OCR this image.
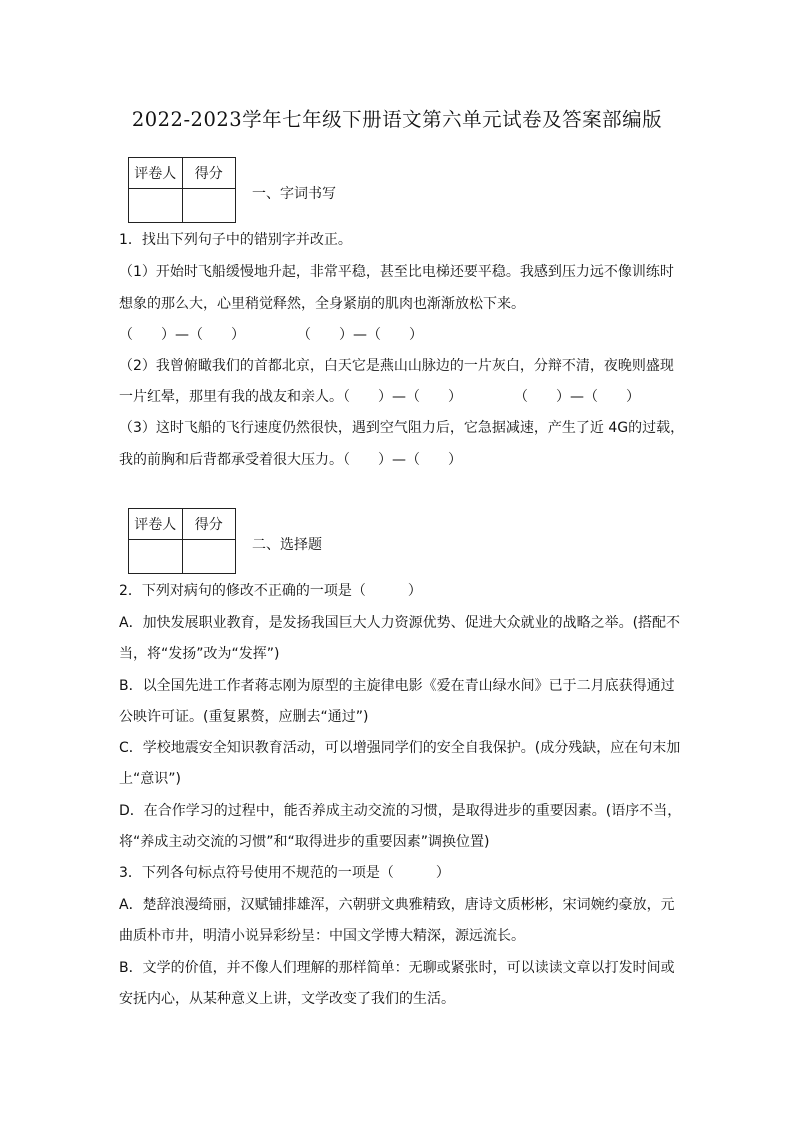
2022-2023学年七年级下册语文第六单元试卷及答案部编版
评卷人	得分

一、字词书写
1．找出下列句子中的错别字并改正。
（1）开始时飞船缓慢地升起，非常平稳，甚至比电梯还要平稳。我感到压力远不像训练时
想象的那么大，心里稍觉释然，全身紧崩的肌肉也渐渐放松下来。
（　　）—（　　）	（　　）—（　　）
（2）我曾俯瞰我们的首都北京，白天它是燕山山脉边的一片灰白，分辩不清，夜晚则盛现
一片红晕，那里有我的战友和亲人。（　　）—（　　）	（　　）—（　　）
（3）这时飞船的飞行速度仍然很快，遇到空气阻力后，它急据减速，产生了近 4G的过载，
我的前胸和后背都承受着很大压力。（　　）—（　　）
评卷人	得分

二、选择题
2．下列对病句的修改不正确的一项是（　　　）
A．加快发展职业教育，是发扬我国巨大人力资源优势、促进大众就业的战略之举。(搭配不
当，将“发扬”改为“发挥”)
B．以全国先进工作者蒋志刚为原型的主旋律电影《爱在青山绿水间》已于二月底获得通过
公映许可证。(重复累赘，应删去“通过”)
C．学校地震安全知识教育活动，可以增强同学们的安全自我保护。(成分残缺，应在句末加
上“意识”)
D．在合作学习的过程中，能否养成主动交流的习惯，是取得进步的重要因素。(语序不当，
将“养成主动交流的习惯”和“取得进步的重要因素”调换位置)
3．下列各句标点符号使用不规范的一项是（　　　）
A．楚辞浪漫绮丽，汉赋铺排雄浑，六朝骈文典雅精致，唐诗文质彬彬，宋词婉约豪放，元
曲质朴市井，明清小说异彩纷呈：中国文学博大精深，源远流长。
B．文学的价值，并不像人们理解的那样简单：无聊或紧张时，可以读读文章以打发时间或
安抚内心，从某种意义上讲，文学改变了我们的生活。
